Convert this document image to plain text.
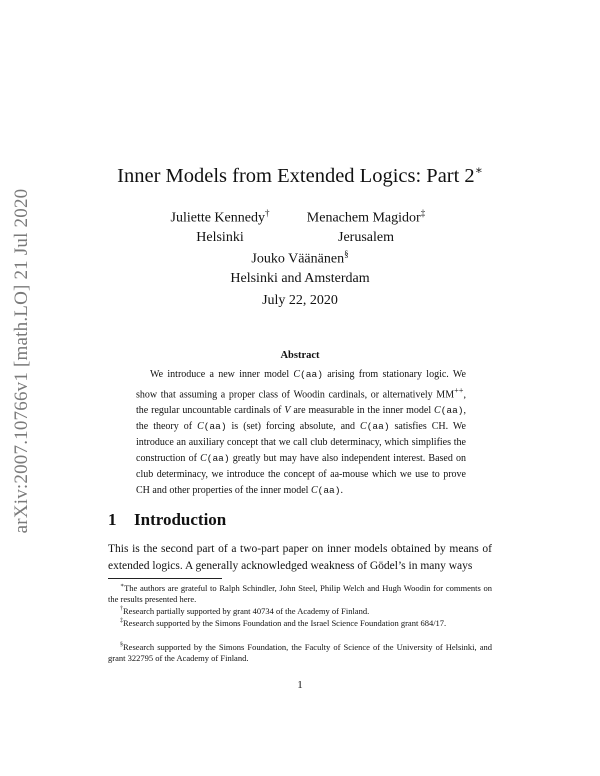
arXiv:2007.10766v1 [math.LO] 21 Jul 2020
Inner Models from Extended Logics: Part 2∗
Juliette Kennedy†
Helsinki
Menachem Magidor‡
Jerusalem
Jouko Väänänen§
Helsinki and Amsterdam
July 22, 2020
Abstract

We introduce a new inner model C(aa) arising from stationary logic. We show that assuming a proper class of Woodin cardinals, or alternatively MM++, the regular uncountable cardinals of V are measurable in the inner model C(aa), the theory of C(aa) is (set) forcing absolute, and C(aa) satisfies CH. We introduce an auxiliary concept that we call club determinacy, which simplifies the construction of C(aa) greatly but may have also independent interest. Based on club determinacy, we introduce the concept of aa-mouse which we use to prove CH and other properties of the inner model C(aa).

1 Introduction

This is the second part of a two-part paper on inner models obtained by means of extended logics. A generally acknowledged weakness of Gödel’s in many ways

∗The authors are grateful to Ralph Schindler, John Steel, Philip Welch and Hugh Woodin for comments on the results presented here.

†Research partially supported by grant 40734 of the Academy of Finland.

‡Research supported by the Simons Foundation and the Israel Science Foundation grant 684/17.

§Research supported by the Simons Foundation, the Faculty of Science of the University of Helsinki, and grant 322795 of the Academy of Finland.

1
